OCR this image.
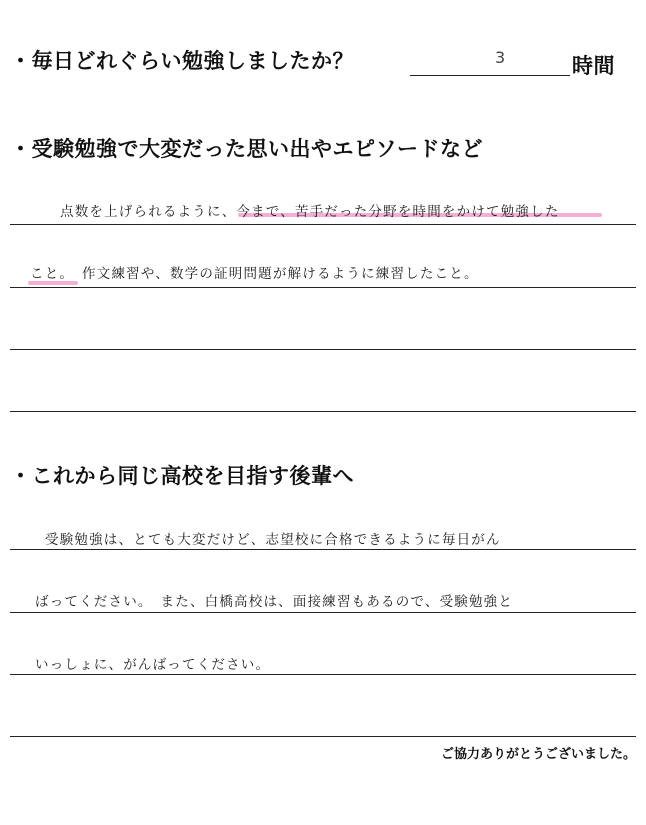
・毎日どれぐらい勉強しましたか？	3	時間
・受験勉強で大変だった思い出やエピソードなど
点数を上げられるように、今まで、苦手だった分野を時間をかけて勉強した
こと。　作文練習や、数学の証明問題が解けるように練習したこと。
・これから同じ高校を目指す後輩へ
受験勉強は、とても大変だけど、志望校に合格できるように毎日がん
ばってください。　また、白橋高校は、面接練習もあるので、受験勉強と
いっしょに、がんばってください。
ご協力ありがとうございました。
